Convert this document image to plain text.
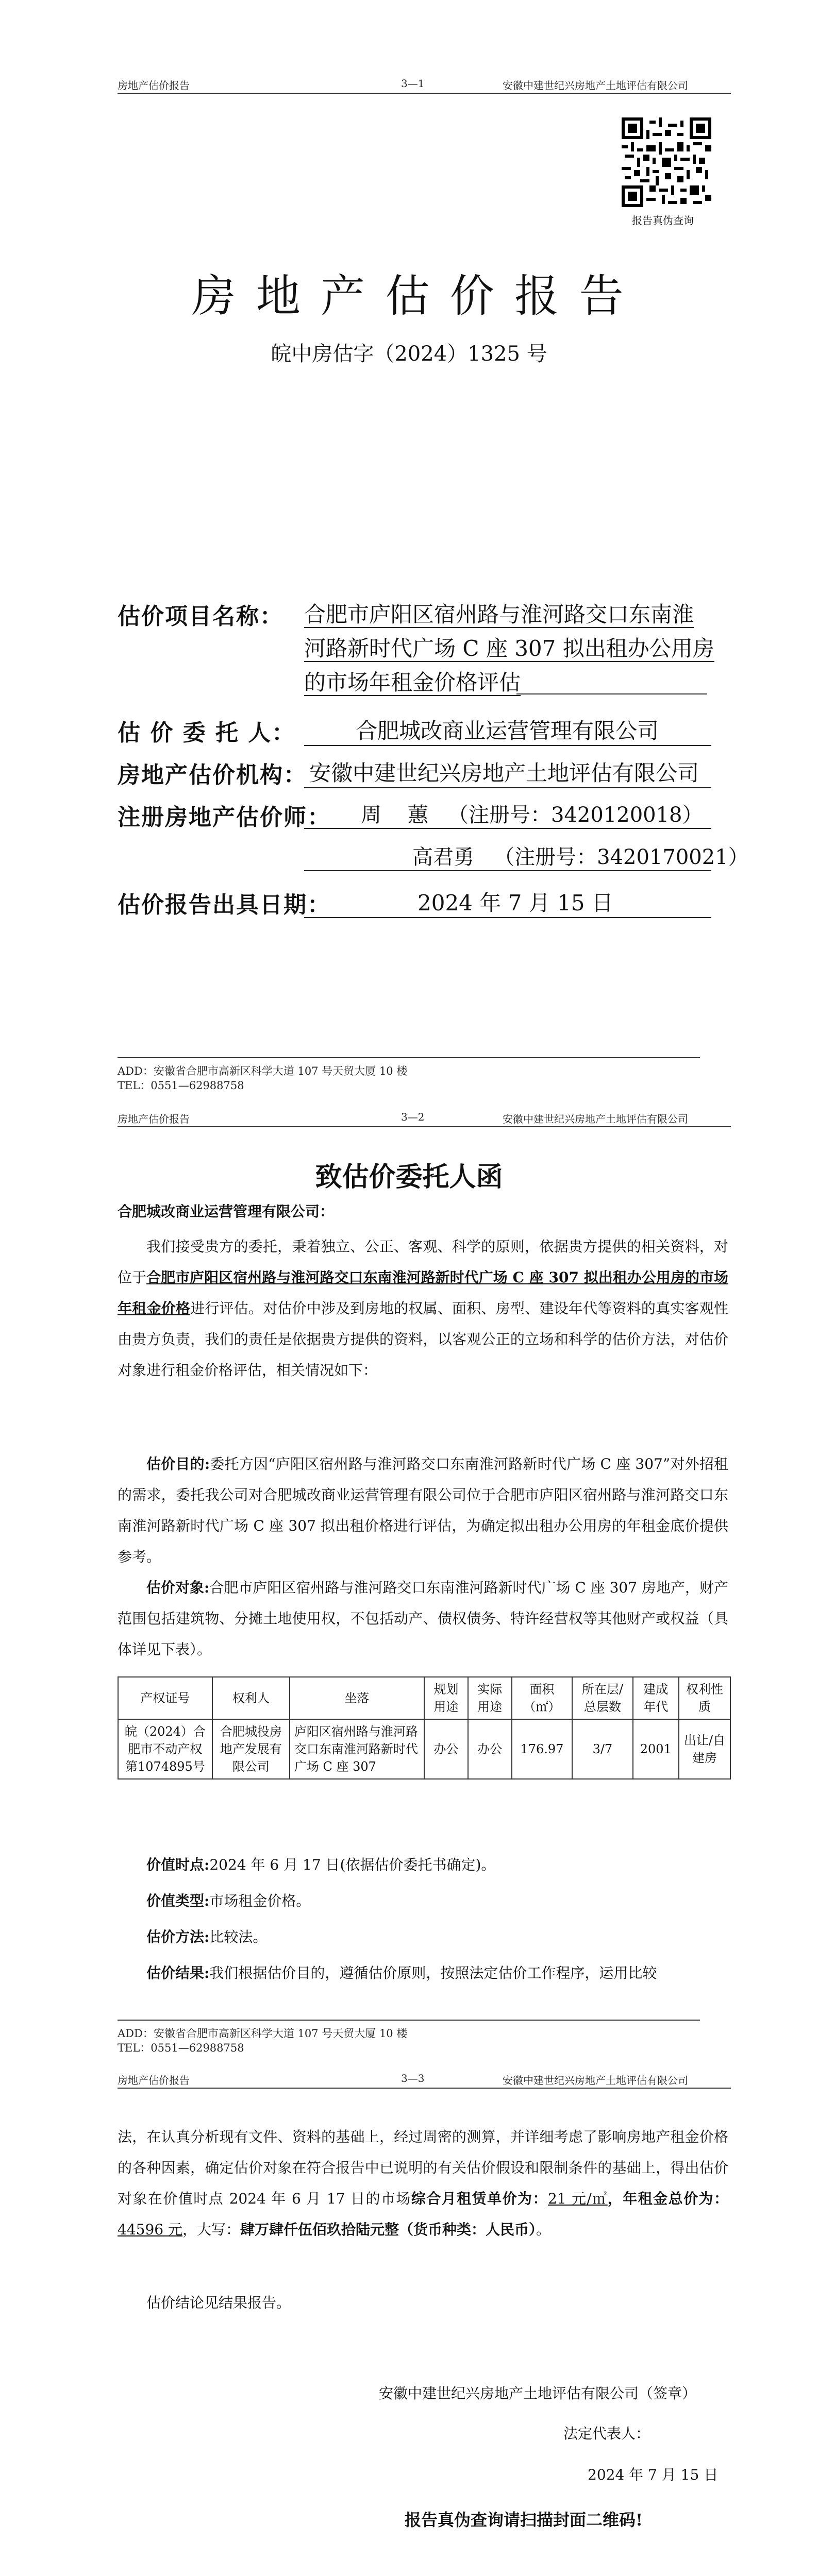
房地产估价报告	3—1	安徽中建世纪兴房地产土地评估有限公司
报告真伪查询
房 地 产 估 价 报 告
皖中房估字（2024）1325 号
估价项目名称： 合肥市庐阳区宿州路与淮河路交口东南淮
河路新时代广场 C 座 307 拟出租办公用房
的市场年租金价格评估
估 价 委 托 人：	合肥城改商业运营管理有限公司
房地产估价机构： 安徽中建世纪兴房地产土地评估有限公司
注册房地产估价师：	周    蕙   （注册号：3420120018）
高君勇   （注册号：3420170021）
估价报告出具日期：	2024 年 7 月 15 日
ADD：安徽省合肥市高新区科学大道 107 号天贸大厦 10 楼
TEL：0551—62988758
房地产估价报告	3—2	安徽中建世纪兴房地产土地评估有限公司
致估价委托人函
合肥城改商业运营管理有限公司：

我们接受贵方的委托，秉着独立、公正、客观、科学的原则，依据贵方提供的相关资料，对位于合肥市庐阳区宿州路与淮河路交口东南淮河路新时代广场 C 座 307 拟出租办公用房的市场年租金价格进行评估。对估价中涉及到房地的权属、面积、房型、建设年代等资料的真实客观性由贵方负责，我们的责任是依据贵方提供的资料，以客观公正的立场和科学的估价方法，对估价对象进行租金价格评估，相关情况如下：

估价目的:委托方因“庐阳区宿州路与淮河路交口东南淮河路新时代广场 C 座 307”对外招租的需求，委托我公司对合肥城改商业运营管理有限公司位于合肥市庐阳区宿州路与淮河路交口东南淮河路新时代广场 C 座 307 拟出租价格进行评估，为确定拟出租办公用房的年租金底价提供参考。

估价对象:合肥市庐阳区宿州路与淮河路交口东南淮河路新时代广场 C 座 307 房地产，财产范围包括建筑物、分摊土地使用权，不包括动产、债权债务、特许经营权等其他财产或权益（具体详见下表）。

产权证号	权利人	坐落	规划用途	实际用途	面积（㎡）	所在层/总层数	建成年代	权利性质
皖（2024）合肥市不动产权第1074895号	合肥城投房地产发展有限公司	庐阳区宿州路与淮河路交口东南淮河路新时代广场 C 座 307	办公	办公	176.97	3/7	2001	出让/自建房

价值时点:2024 年 6 月 17 日(依据估价委托书确定)。

价值类型:市场租金价格。

估价方法:比较法。

估价结果:我们根据估价目的，遵循估价原则，按照法定估价工作程序，运用比较

ADD：安徽省合肥市高新区科学大道 107 号天贸大厦 10 楼
TEL：0551—62988758
房地产估价报告	3—3	安徽中建世纪兴房地产土地评估有限公司

法，在认真分析现有文件、资料的基础上，经过周密的测算，并详细考虑了影响房地产租金价格的各种因素，确定估价对象在符合报告中已说明的有关估价假设和限制条件的基础上，得出估价对象在价值时点 2024 年 6 月 17 日的市场综合月租赁单价为：21 元/㎡，年租金总价为：44596 元，大写：肆万肆仟伍佰玖拾陆元整（货币种类：人民币）。

估价结论见结果报告。

安徽中建世纪兴房地产土地评估有限公司（签章）
法定代表人：
2024 年 7 月 15 日
报告真伪查询请扫描封面二维码!
